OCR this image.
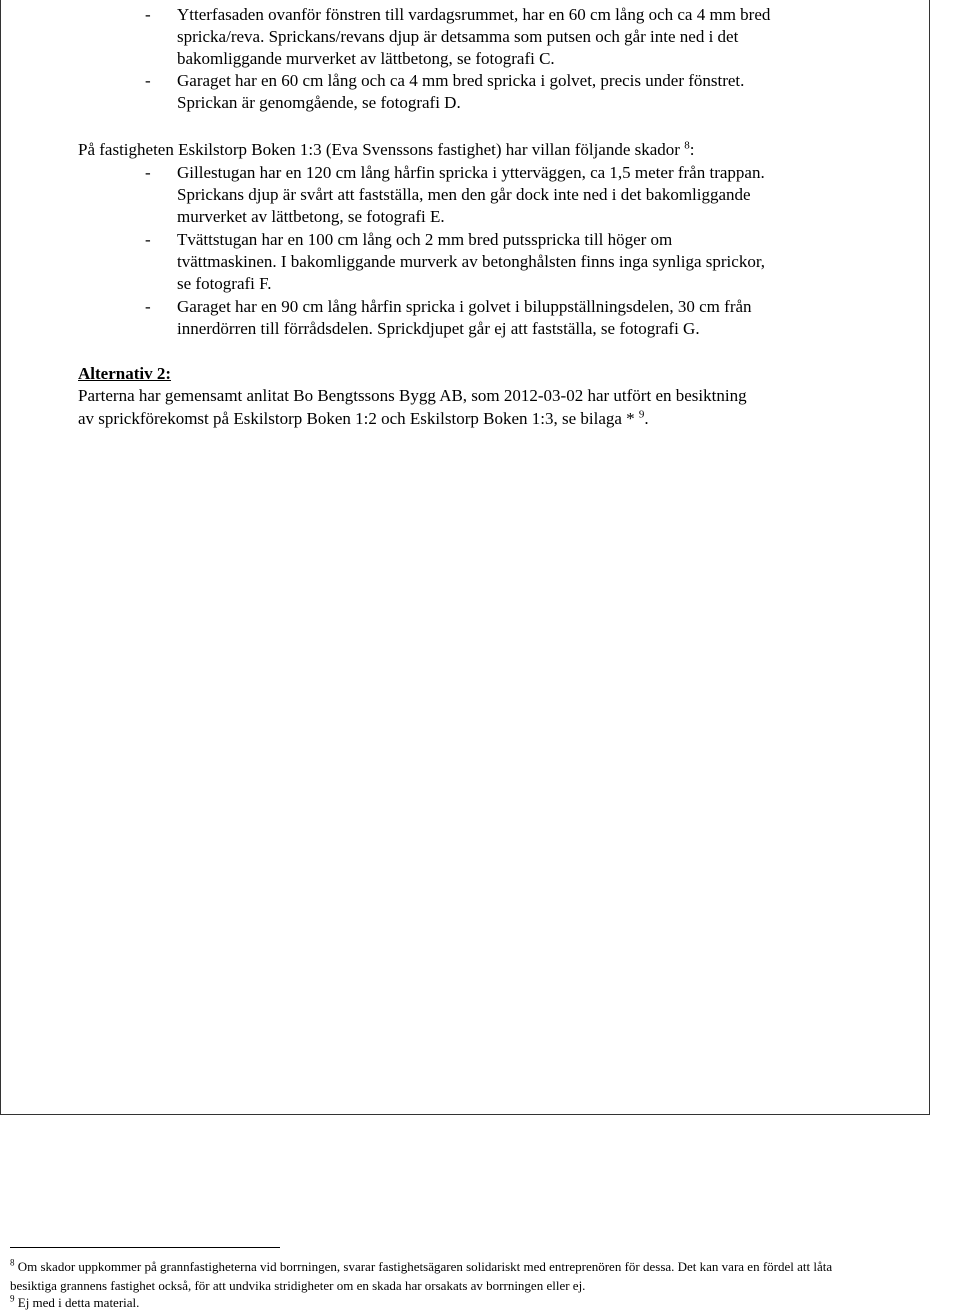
- Ytterfasaden ovanför fönstren till vardagsrummet, har en 60 cm lång och ca 4 mm bred
spricka/reva. Sprickans/revans djup är detsamma som putsen och går inte ned i det
bakomliggande murverket av lättbetong, se fotografi C.
- Garaget har en 60 cm lång och ca 4 mm bred spricka i golvet, precis under fönstret.
Sprickan är genomgående, se fotografi D.
På fastigheten Eskilstorp Boken 1:3 (Eva Svenssons fastighet) har villan följande skador $^8$:
- Gillestugan har en 120 cm lång hårfin spricka i ytterväggen, ca 1,5 meter från trappan.
Sprickans djup är svårt att fastställa, men den går dock inte ned i det bakomliggande
murverket av lättbetong, se fotografi E.
- Tvättstugan har en 100 cm lång och 2 mm bred putsspricka till höger om
tvättmaskinen. I bakomliggande murverk av betonghålsten finns inga synliga sprickor,
se fotografi F.
- Garaget har en 90 cm lång hårfin spricka i golvet i biluppställningsdelen, 30 cm från
innerdörren till förrådsdelen. Sprickdjupet går ej att fastställa, se fotografi G.
Alternativ 2:
Parterna har gemensamt anlitat Bo Bengtssons Bygg AB, som 2012-03-02 har utfört en besiktning
av sprickförekomst på Eskilstorp Boken 1:2 och Eskilstorp Boken 1:3, se bilaga * $^9$.
$^8$ Om skador uppkommer på grannfastigheterna vid borrningen, svarar fastighetsägaren solidariskt med entreprenören för dessa. Det kan vara en fördel att låta
besiktiga grannens fastighet också, för att undvika stridigheter om en skada har orsakats av borrningen eller ej.
$^9$ Ej med i detta material.
